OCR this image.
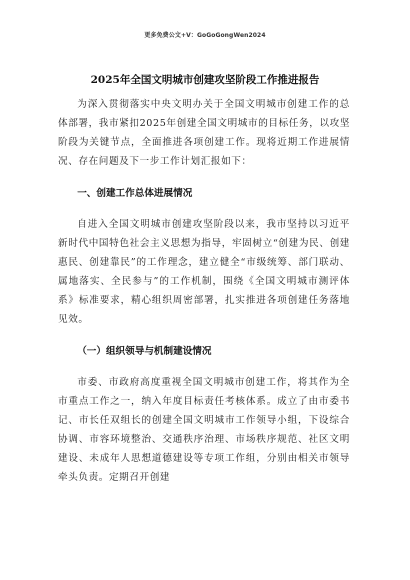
更多免费公文+V：GoGoGongWen2024
2025年全国文明城市创建攻坚阶段工作推进报告

为深入贯彻落实中央文明办关于全国文明城市创建工作的总体部署，我市紧扣2025年创建全国文明城市的目标任务，以攻坚阶段为关键节点，全面推进各项创建工作。现将近期工作进展情况、存在问题及下一步工作计划汇报如下：

一、创建工作总体进展情况

自进入全国文明城市创建攻坚阶段以来，我市坚持以习近平新时代中国特色社会主义思想为指导，牢固树立“创建为民、创建惠民、创建靠民”的工作理念，建立健全“市级统筹、部门联动、属地落实、全民参与”的工作机制，围绕《全国文明城市测评体系》标准要求，精心组织周密部署，扎实推进各项创建任务落地见效。

（一）组织领导与机制建设情况

市委、市政府高度重视全国文明城市创建工作，将其作为全市重点工作之一，纳入年度目标责任考核体系。成立了由市委书记、市长任双组长的创建全国文明城市工作领导小组，下设综合协调、市容环境整治、交通秩序治理、市场秩序规范、社区文明建设、未成年人思想道德建设等专项工作组，分别由相关市领导牵头负责。定期召开创建
